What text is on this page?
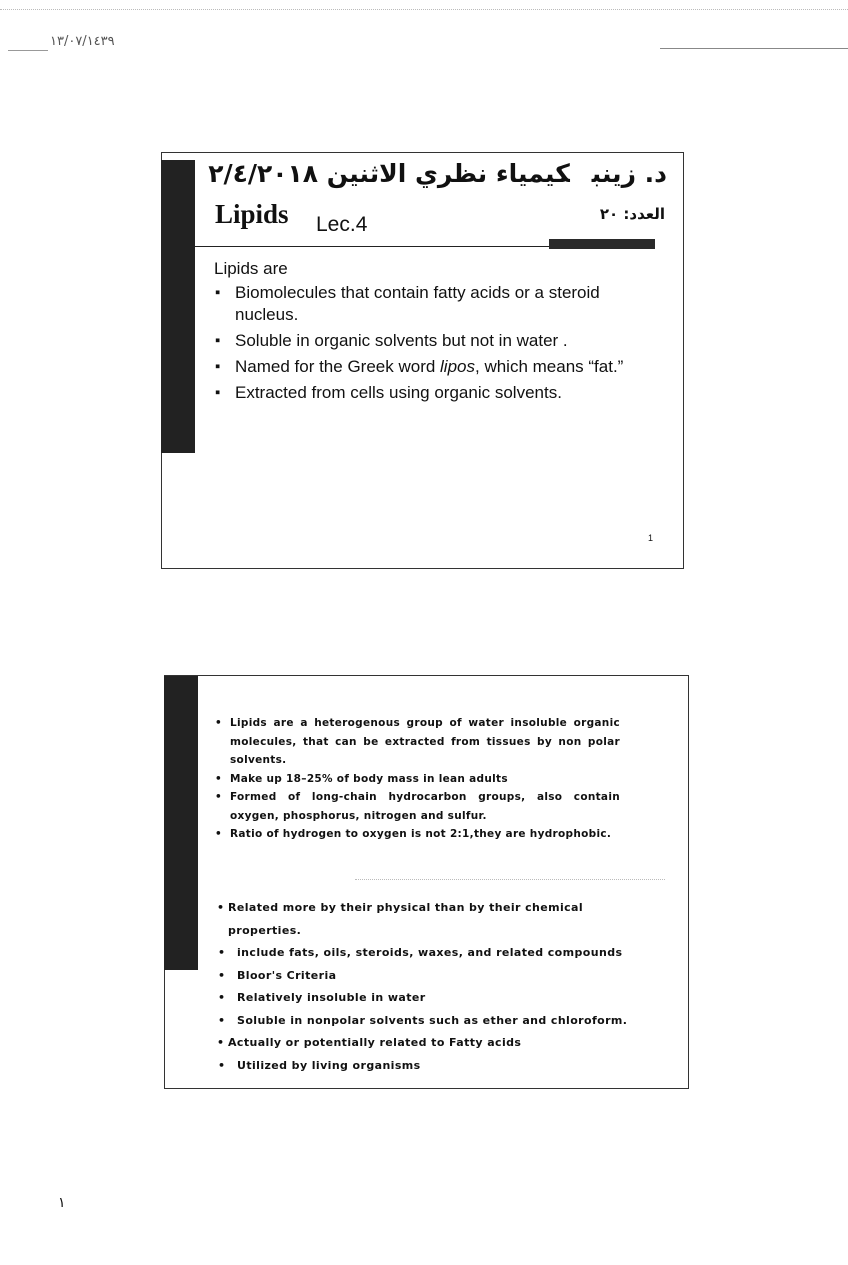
١٣/٠٧/١٤٣٩
د. زينبكيمياء نظري الاثنين ٢/٤/٢٠١٨
العدد: ٢٠
Lipids Lec.4
Lipids are
▪ Biomolecules that contain fatty acids or a steroid nucleus.
▪ Soluble in organic solvents but not in water .
▪ Named for the Greek word lipos, which means “fat.”
▪ Extracted from cells using organic solvents.
1
• Lipids are a heterogenous group of water insoluble organic molecules, that can be extracted from tissues by non polar solvents.
• Make up 18–25% of body mass in lean adults
• Formed of long-chain hydrocarbon groups, also contain oxygen, phosphorus, nitrogen and sulfur.
• Ratio of hydrogen to oxygen is not 2:1,they are hydrophobic.
• Related more by their physical than by their chemical properties.
• include fats, oils, steroids, waxes, and related compounds
• Bloor's Criteria
• Relatively insoluble in water
• Soluble in nonpolar solvents such as ether and chloroform.
• Actually or potentially related to Fatty acids
• Utilized by living organisms
١
